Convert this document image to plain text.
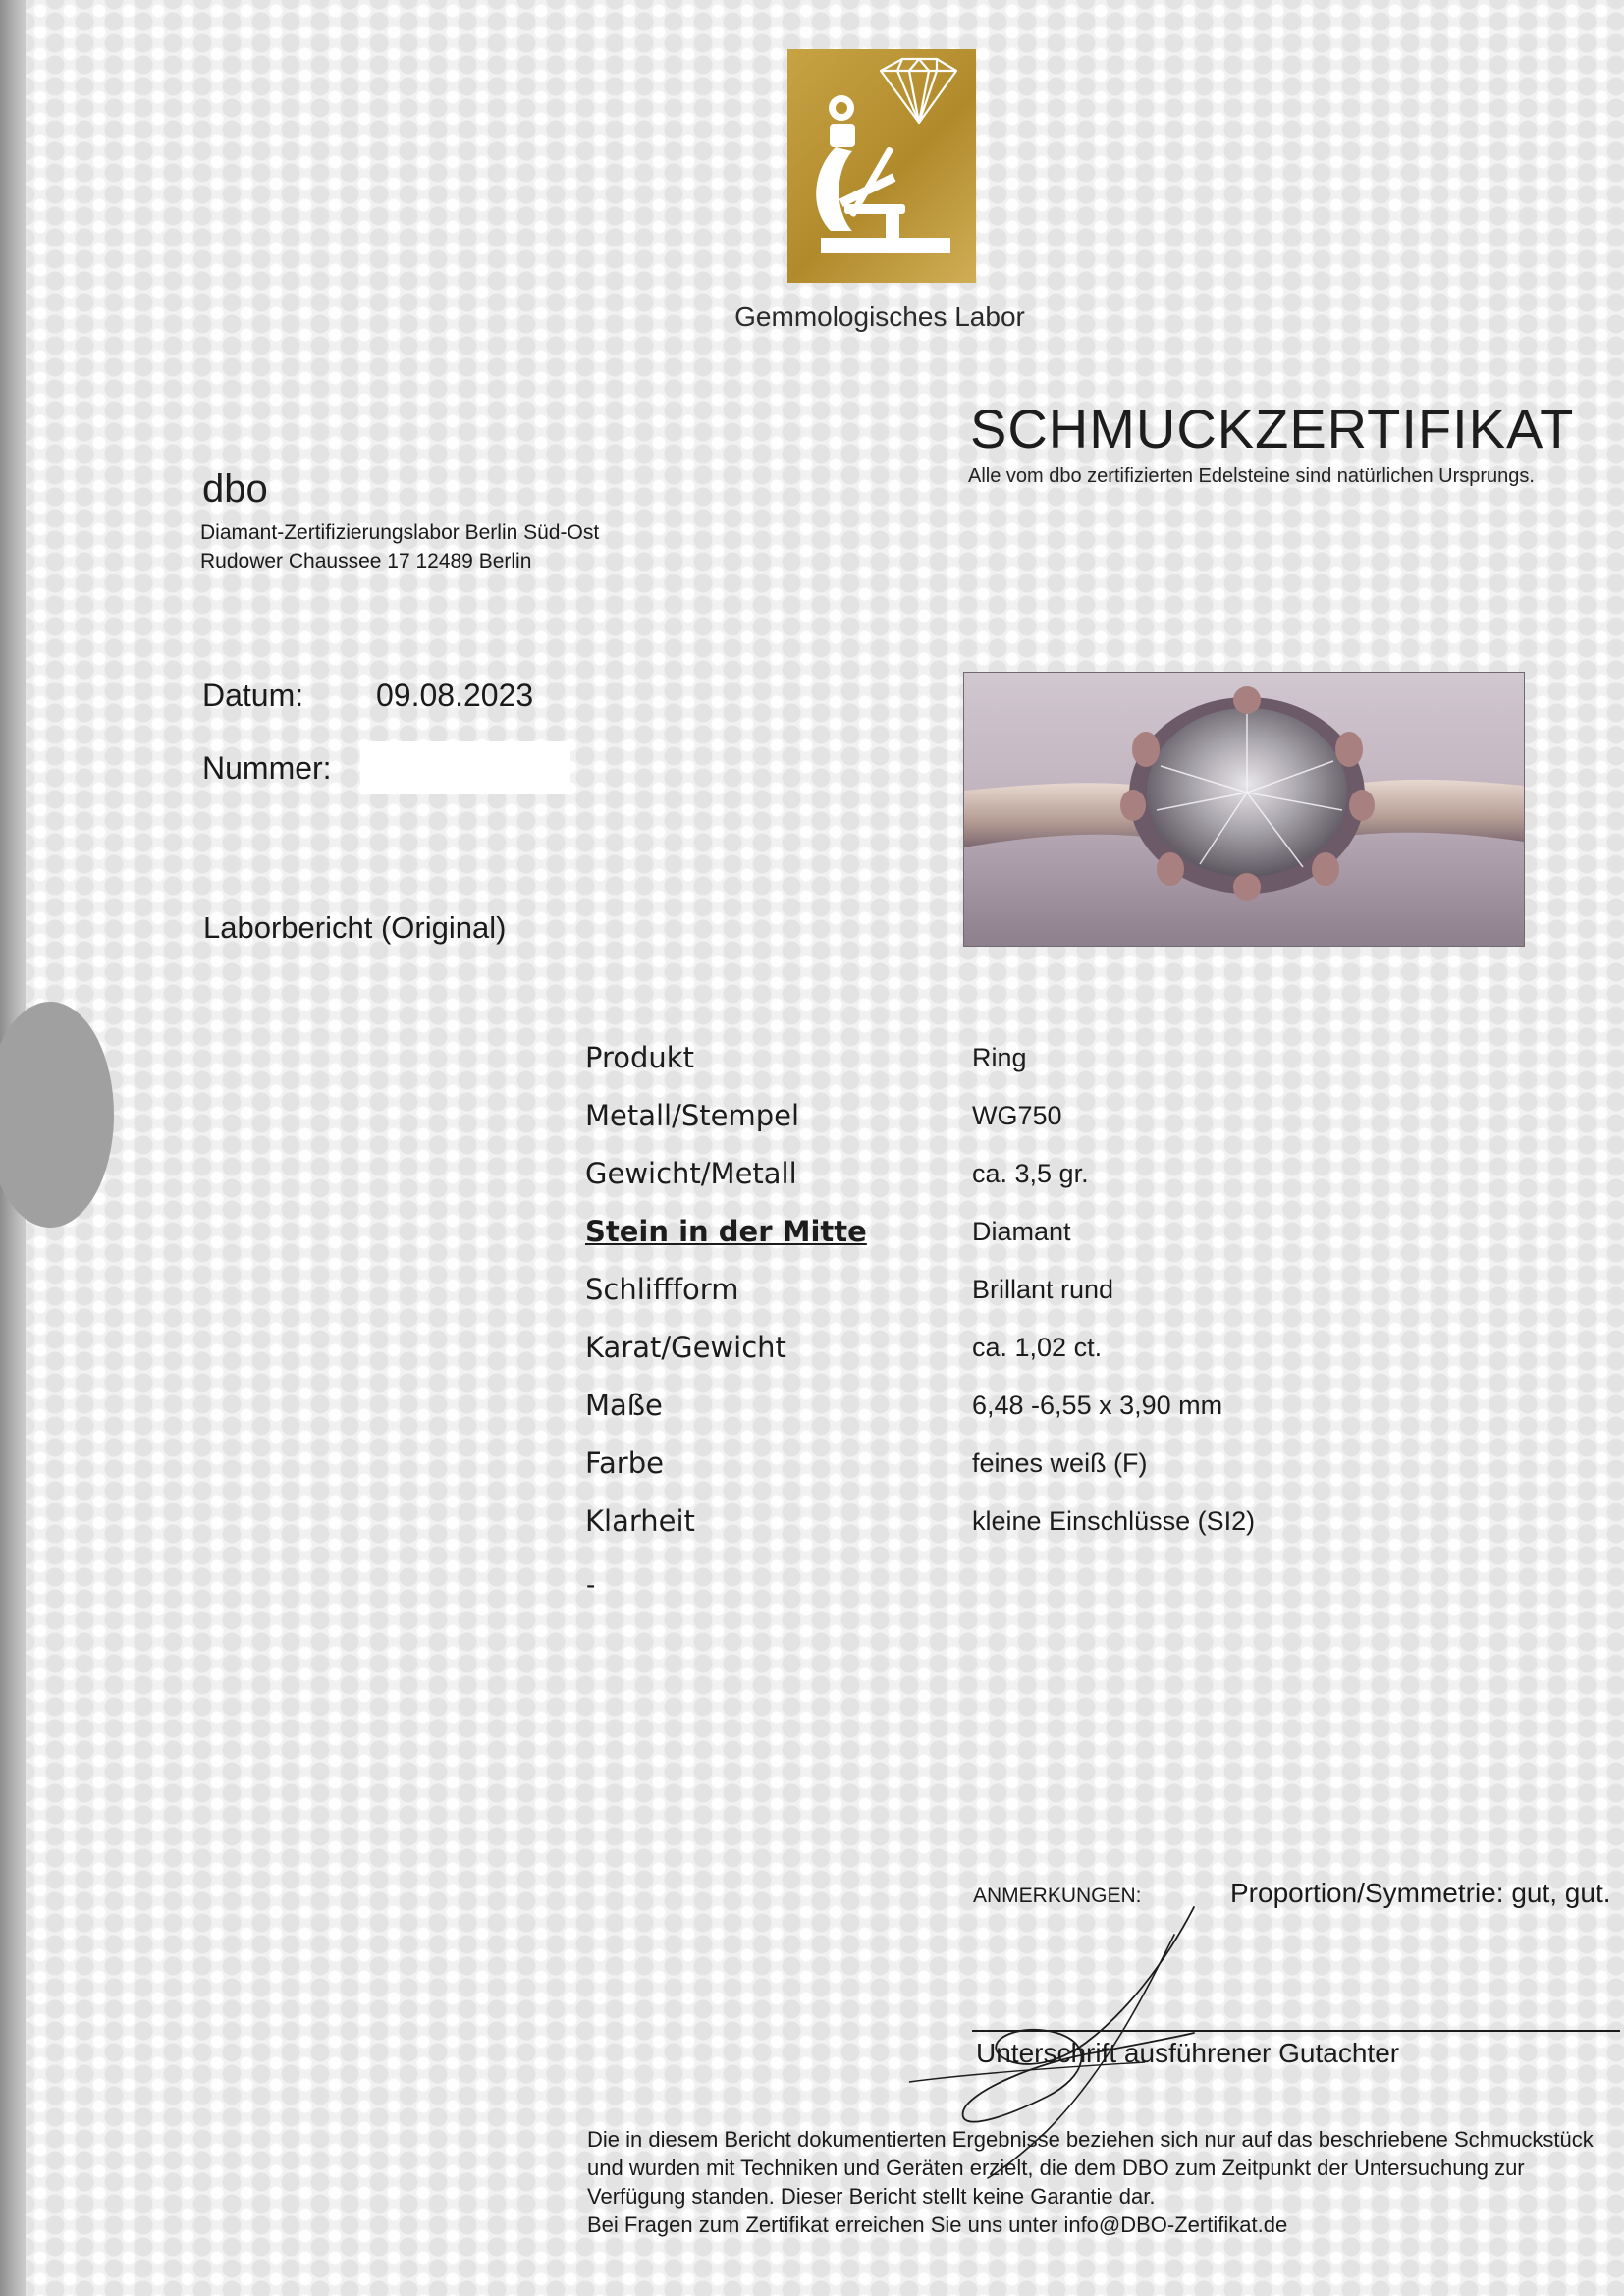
Gemmologisches Labor
SCHMUCKZERTIFIKAT
Alle vom dbo zertifizierten Edelsteine sind natürlichen Ursprungs.
dbo
Diamant-Zertifizierungslabor Berlin Süd-Ost
Rudower Chaussee 17 12489 Berlin
Datum: 09.08.2023
Nummer:
Laborbericht (Original)
Produkt	Ring
Metall/Stempel	WG750
Gewicht/Metall	ca. 3,5 gr.
Stein in der Mitte	Diamant
Schliffform	Brillant rund
Karat/Gewicht	ca. 1,02 ct.
Maße	6,48 -6,55 x 3,90 mm
Farbe	feines weiß (F)
Klarheit	kleine Einschlüsse (SI2)
-
ANMERKUNGEN:	Proportion/Symmetrie: gut, gut.
Unterschrift ausführener Gutachter
Die in diesem Bericht dokumentierten Ergebnisse beziehen sich nur auf das beschriebene Schmuckstück
und wurden mit Techniken und Geräten erzielt, die dem DBO zum Zeitpunkt der Untersuchung zur
Verfügung standen. Dieser Bericht stellt keine Garantie dar.
Bei Fragen zum Zertifikat erreichen Sie uns unter info@DBO-Zertifikat.de
